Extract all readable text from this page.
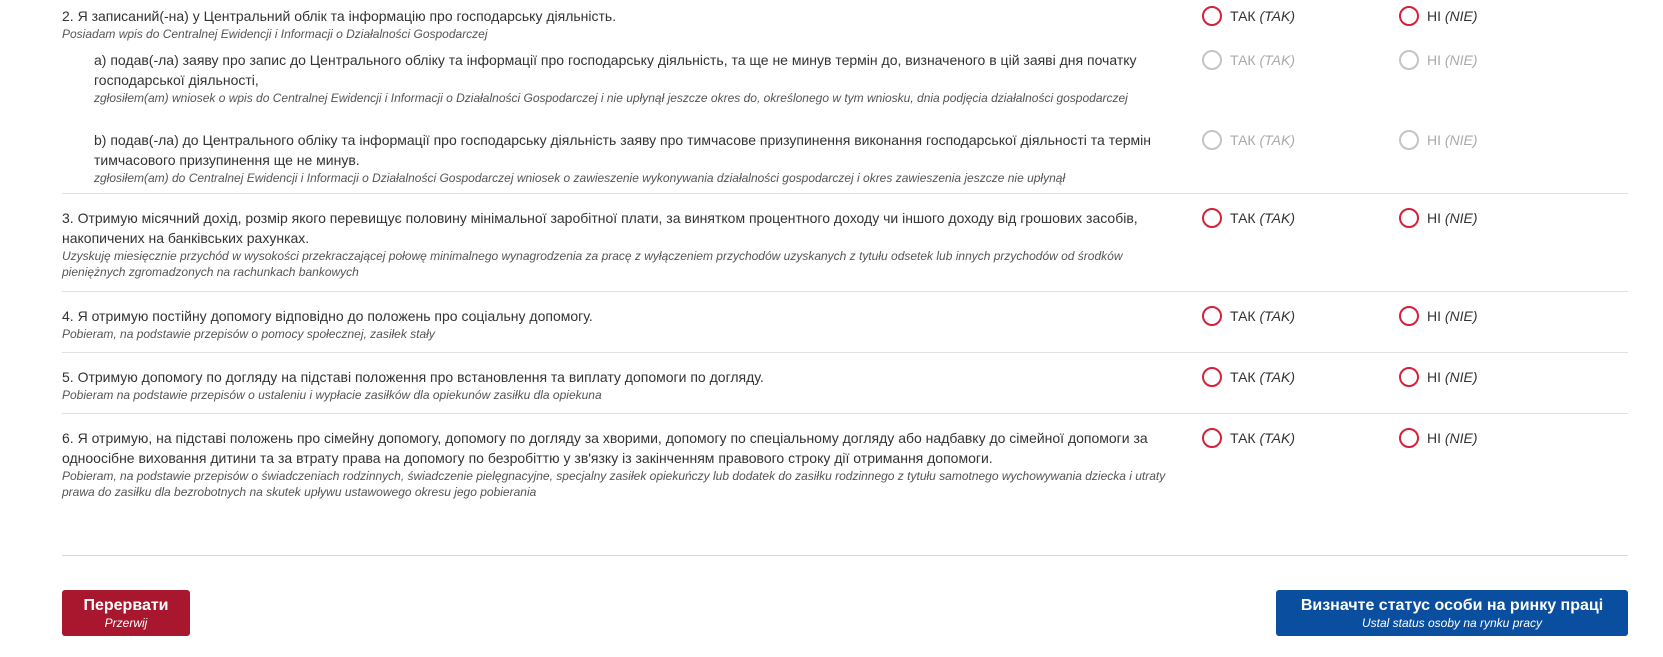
2. Я записаний(-на) у Центральний облік та інформацію про господарську діяльність.
Posiadam wpis do Centralnej Ewidencji i Informacji o Działalności Gospodarczej
ТАК (TAK)	НІ (NIE)
а) подав(-ла) заяву про запис до Центрального обліку та інформації про господарську діяльність, та ще не минув термін до, визначеного в цій заяві дня початку господарської діяльності,
zgłosiłem(am) wniosek o wpis do Centralnej Ewidencji i Informacji o Działalności Gospodarczej i nie upłynął jeszcze okres do, określonego w tym wniosku, dnia podjęcia działalności gospodarczej
ТАК (TAK)	НІ (NIE)
b) подав(-ла) до Центрального обліку та інформації про господарську діяльність заяву про тимчасове призупинення виконання господарської діяльності та термін тимчасового призупинення ще не минув.
zgłosiłem(am) do Centralnej Ewidencji i Informacji o Działalności Gospodarczej wniosek o zawieszenie wykonywania działalności gospodarczej i okres zawieszenia jeszcze nie upłynął
ТАК (TAK)	НІ (NIE)
3. Отримую місячний дохід, розмір якого перевищує половину мінімальної заробітної плати, за винятком процентного доходу чи іншого доходу від грошових засобів, накопичених на банківських рахунках.
Uzyskuję miesięcznie przychód w wysokości przekraczającej połowę minimalnego wynagrodzenia za pracę z wyłączeniem przychodów uzyskanych z tytułu odsetek lub innych przychodów od środków pieniężnych zgromadzonych na rachunkach bankowych
ТАК (TAK)	НІ (NIE)
4. Я отримую постійну допомогу відповідно до положень про соціальну допомогу.
Pobieram, na podstawie przepisów o pomocy społecznej, zasiłek stały
ТАК (TAK)	НІ (NIE)
5. Отримую допомогу по догляду на підставі положення про встановлення та виплату допомоги по догляду.
Pobieram na podstawie przepisów o ustaleniu i wypłacie zasiłków dla opiekunów zasiłku dla opiekuna
ТАК (TAK)	НІ (NIE)
6. Я отримую, на підставі положень про сімейну допомогу, допомогу по догляду за хворими, допомогу по спеціальному догляду або надбавку до сімейної допомоги за одноосібне виховання дитини та за втрату права на допомогу по безробіттю у зв'язку із закінченням правового строку дії отримання допомоги.
Pobieram, na podstawie przepisów o świadczeniach rodzinnych, świadczenie pielęgnacyjne, specjalny zasiłek opiekuńczy lub dodatek do zasiłku rodzinnego z tytułu samotnego wychowywania dziecka i utraty prawa do zasiłku dla bezrobotnych na skutek upływu ustawowego okresu jego pobierania
ТАК (TAK)	НІ (NIE)
Перервати
Przerwij
Визначте статус особи на ринку праці
Ustal status osoby na rynku pracy
